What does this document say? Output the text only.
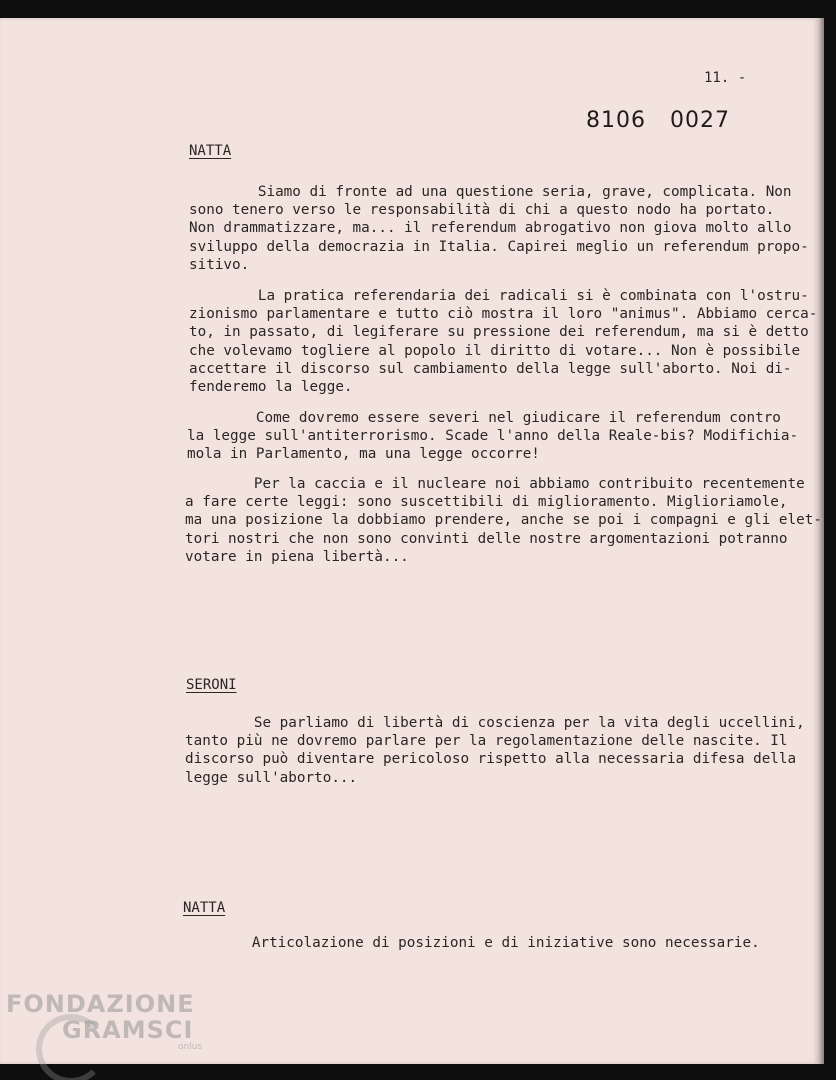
11. -
8106 0027
NATTA
Siamo di fronte ad una questione seria, grave, complicata. Non
sono tenero verso le responsabilità di chi a questo nodo ha portato.
Non drammatizzare, ma... il referendum abrogativo non giova molto allo
sviluppo della democrazia in Italia. Capirei meglio un referendum propo-
sitivo.
La pratica referendaria dei radicali si è combinata con l'ostru-
zionismo parlamentare e tutto ciò mostra il loro "animus". Abbiamo cerca-
to, in passato, di legiferare su pressione dei referendum, ma si è detto
che volevamo togliere al popolo il diritto di votare... Non è possibile
accettare il discorso sul cambiamento della legge sull'aborto. Noi di-
fenderemo la legge.
Come dovremo essere severi nel giudicare il referendum contro
la legge sull'antiterrorismo. Scade l'anno della Reale-bis? Modifichia-
mola in Parlamento, ma una legge occorre!
Per la caccia e il nucleare noi abbiamo contribuito recentemente
a fare certe leggi: sono suscettibili di miglioramento. Miglioriamole,
ma una posizione la dobbiamo prendere, anche se poi i compagni e gli elet-
tori nostri che non sono convinti delle nostre argomentazioni potranno
votare in piena libertà...
SERONI
Se parliamo di libertà di coscienza per la vita degli uccellini,
tanto più ne dovremo parlare per la regolamentazione delle nascite. Il
discorso può diventare pericoloso rispetto alla necessaria difesa della
legge sull'aborto...
NATTA
Articolazione di posizioni e di iniziative sono necessarie.
FONDAZIONE
GRAMSCI
onlus
